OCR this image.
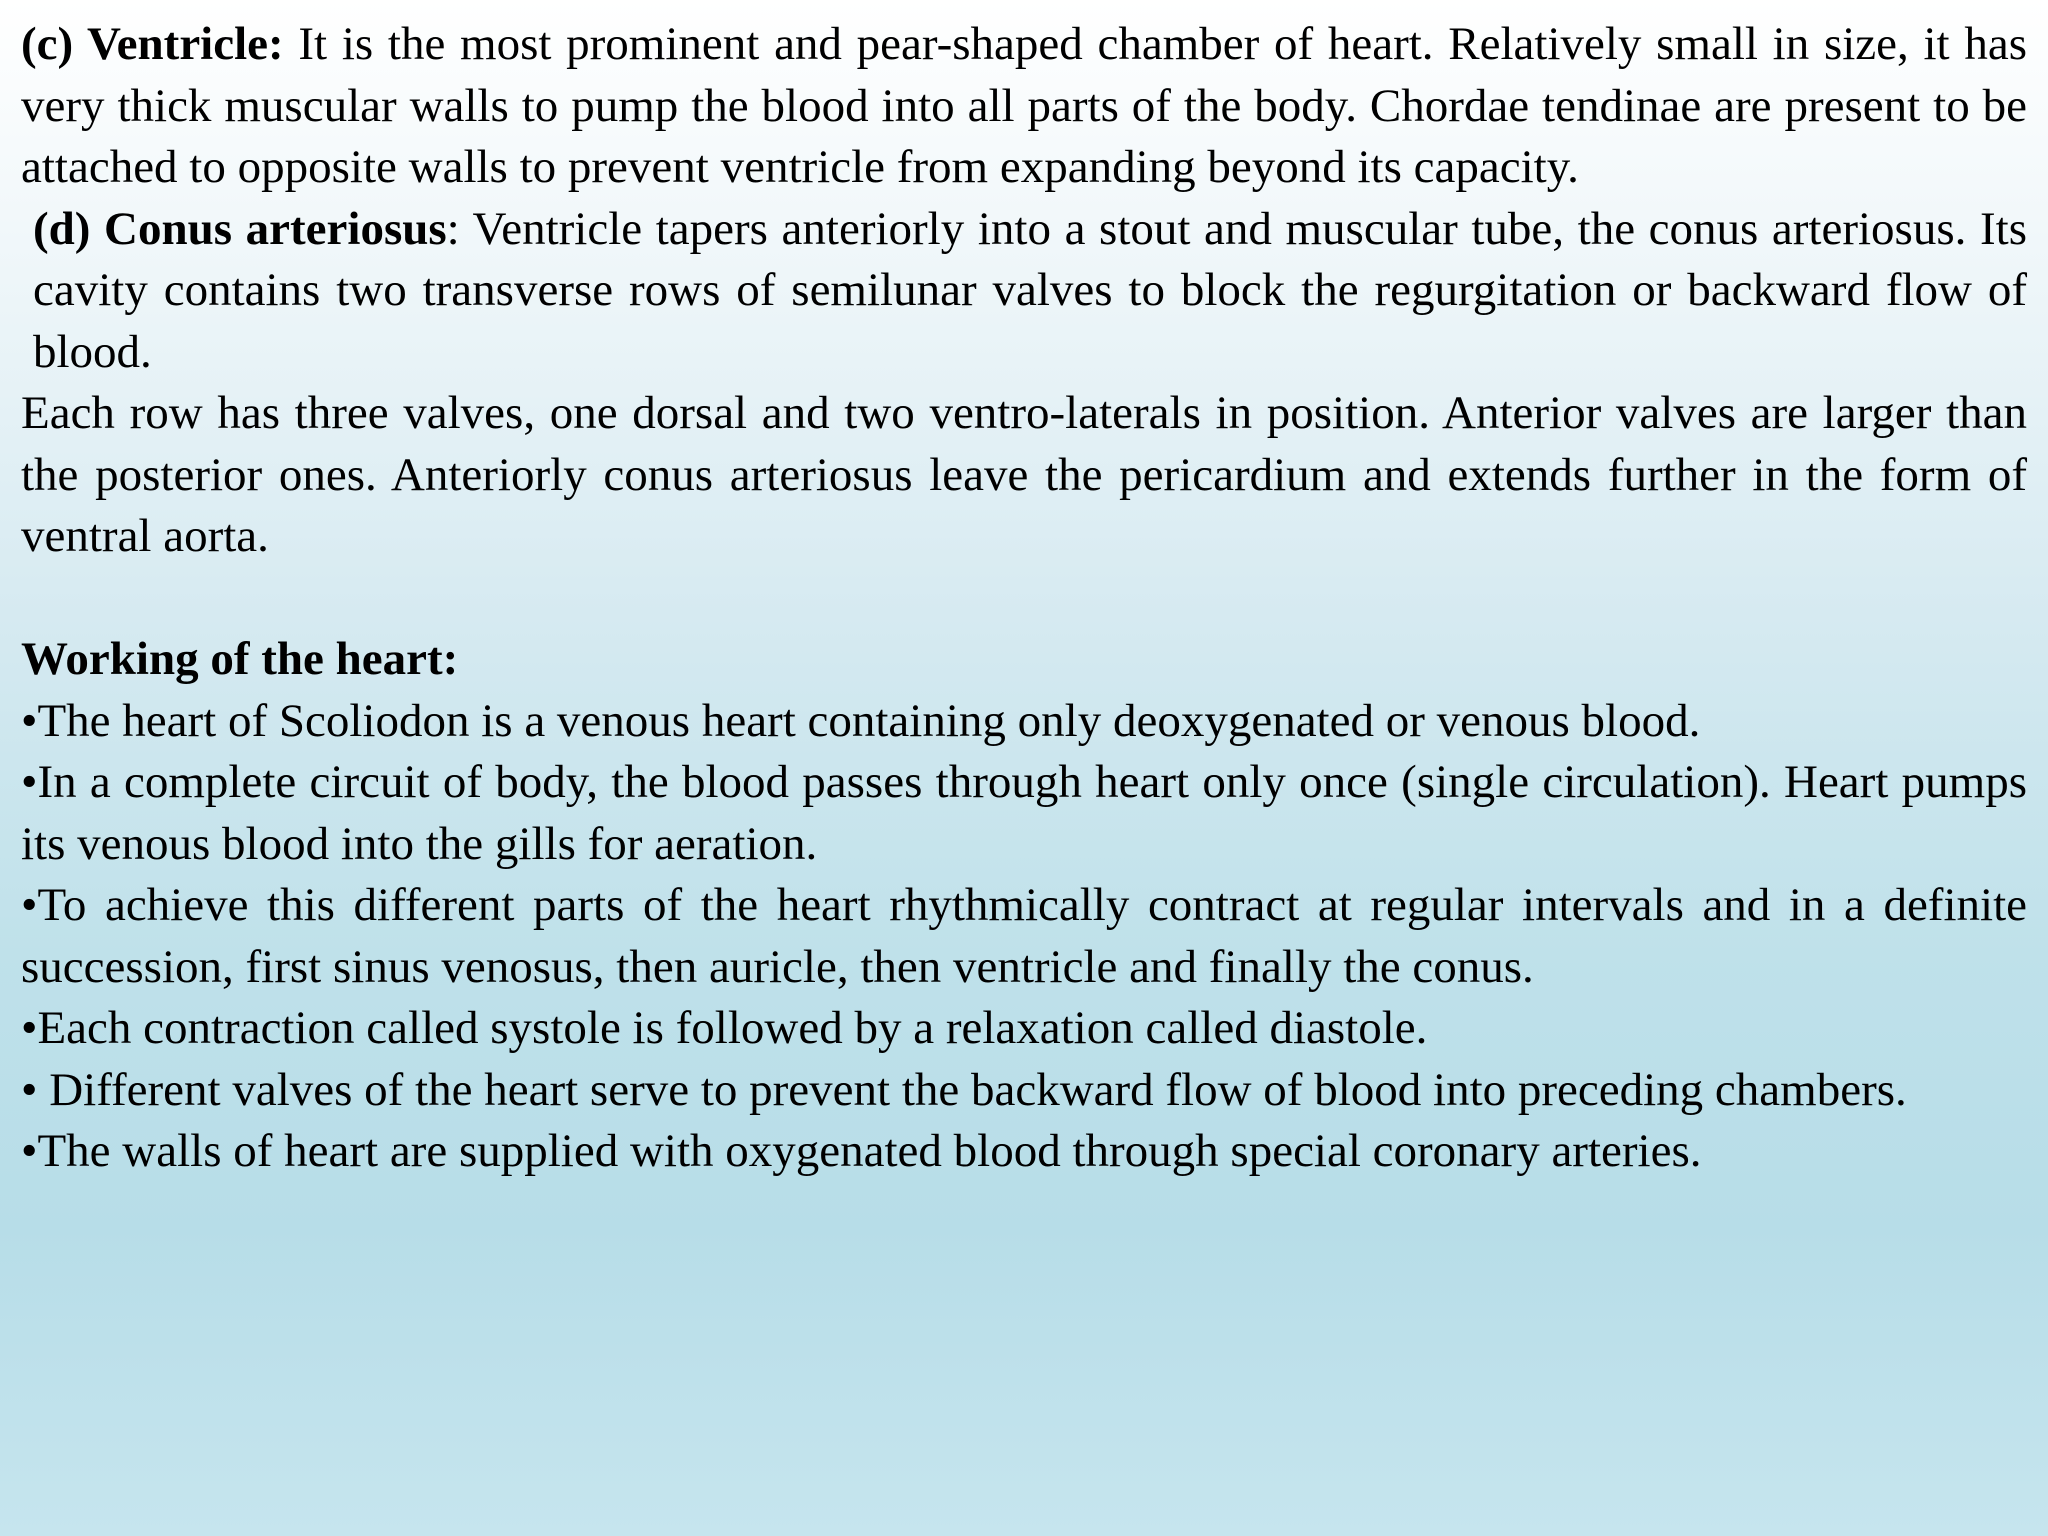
(c) Ventricle: It is the most prominent and pear-shaped chamber of heart. Relatively small in size, it has very thick muscular walls to pump the blood into all parts of the body. Chordae tendinae are present to be attached to opposite walls to prevent ventricle from expanding beyond its capacity.

(d) Conus arteriosus: Ventricle tapers anteriorly into a stout and muscular tube, the conus arteriosus. Its cavity contains two transverse rows of semilunar valves to block the regurgitation or backward flow of blood.

Each row has three valves, one dorsal and two ventro-laterals in position. Anterior valves are larger than the posterior ones. Anteriorly conus arteriosus leave the pericardium and extends further in the form of ventral aorta.

Working of the heart:

•The heart of Scoliodon is a venous heart containing only deoxygenated or venous blood.

•In a complete circuit of body, the blood passes through heart only once (single circulation). Heart pumps its venous blood into the gills for aeration.

•To achieve this different parts of the heart rhythmically contract at regular intervals and in a definite succession, first sinus venosus, then auricle, then ventricle and finally the conus.

•Each contraction called systole is followed by a relaxation called diastole.

• Different valves of the heart serve to prevent the backward flow of blood into preceding chambers.

•The walls of heart are supplied with oxygenated blood through special coronary arteries.
